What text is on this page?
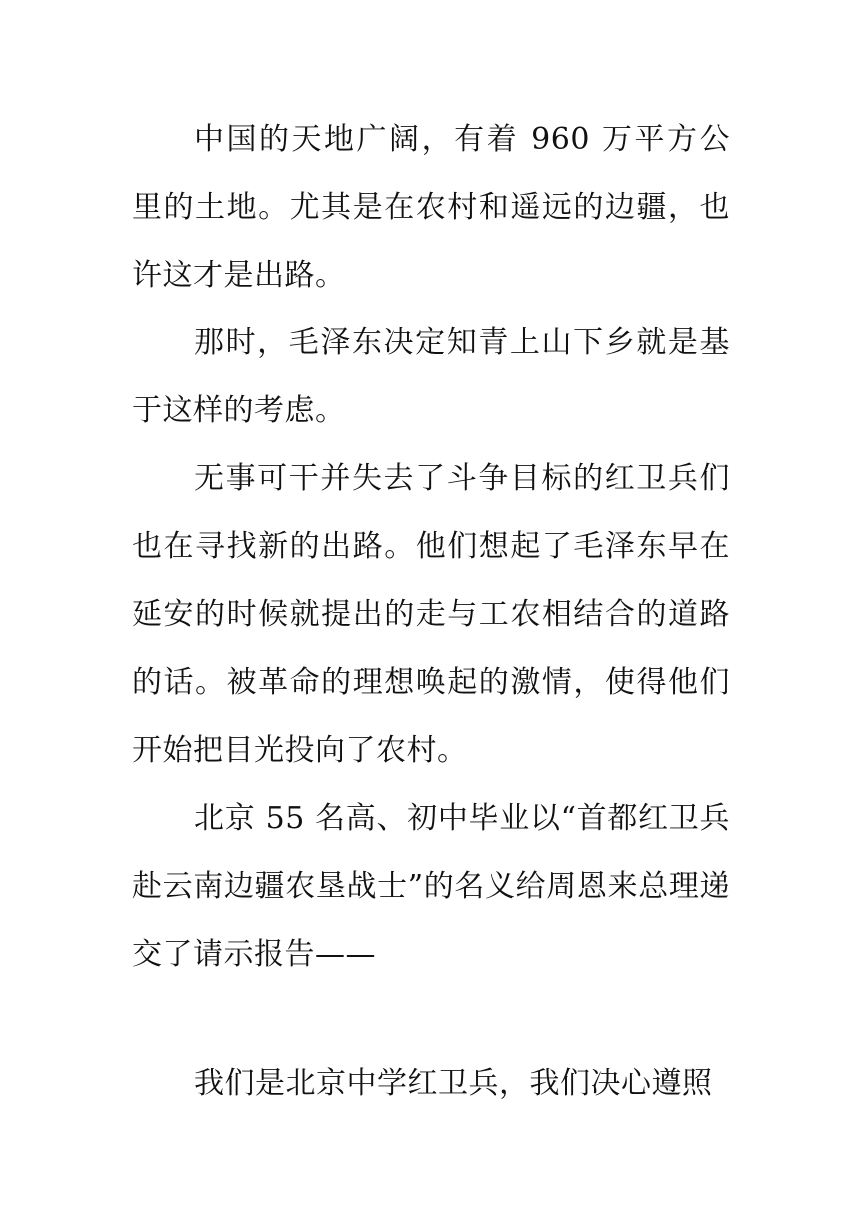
中国的天地广阔，有着 960 万平方公里的土地。尤其是在农村和遥远的边疆，也许这才是出路。

那时，毛泽东决定知青上山下乡就是基于这样的考虑。

无事可干并失去了斗争目标的红卫兵们也在寻找新的出路。他们想起了毛泽东早在延安的时候就提出的走与工农相结合的道路的话。被革命的理想唤起的激情，使得他们开始把目光投向了农村。

北京 55 名高、初中毕业以“首都红卫兵赴云南边疆农垦战士”的名义给周恩来总理递交了请示报告——

我们是北京中学红卫兵，我们决心遵照
